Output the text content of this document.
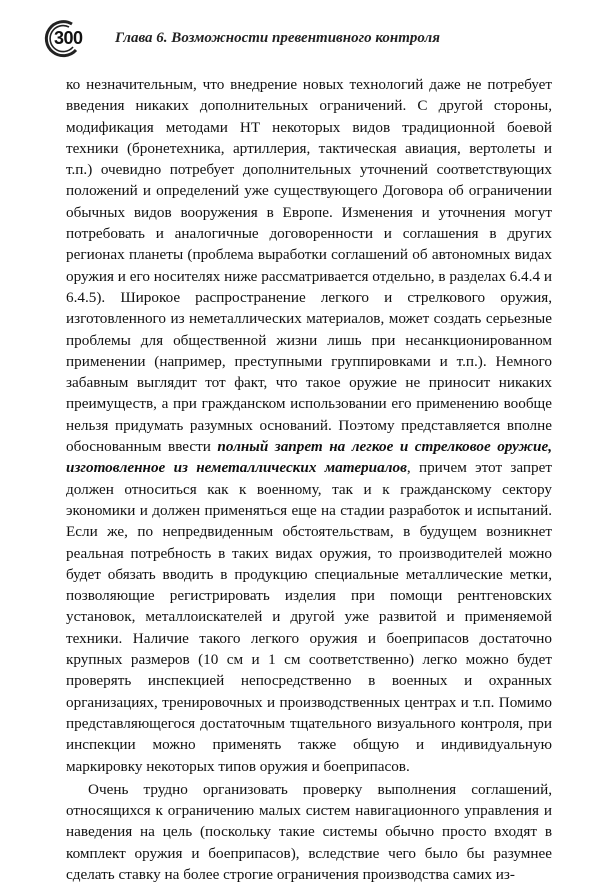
300 Глава 6. Возможности превентивного контроля

ко незначительным, что внедрение новых технологий даже не потребует введения никаких дополнительных ограничений. С другой стороны, модификация методами НТ некоторых видов традиционной боевой техники (бронетехника, артиллерия, тактическая авиация, вертолеты и т.п.) очевидно потребует дополнительных уточнений соответствующих положений и определений уже существующего Договора об ограничении обычных видов вооружения в Европе. Изменения и уточнения могут потребовать и аналогичные договоренности и соглашения в других регионах планеты (проблема выработки соглашений об автономных видах оружия и его носителях ниже рассматривается отдельно, в разделах 6.4.4 и 6.4.5). Широкое распространение легкого и стрелкового оружия, изготовленного из неметаллических материалов, может создать серьезные проблемы для общественной жизни лишь при несанкционированном применении (например, преступными группировками и т.п.). Немного забавным выглядит тот факт, что такое оружие не приносит никаких преимуществ, а при гражданском использовании его применению вообще нельзя придумать разумных оснований. Поэтому представляется вполне обоснованным ввести полный запрет на легкое и стрелковое оружие, изготовленное из неметаллических материалов, причем этот запрет должен относиться как к военному, так и к гражданскому сектору экономики и должен применяться еще на стадии разработок и испытаний. Если же, по непредвиденным обстоятельствам, в будущем возникнет реальная потребность в таких видах оружия, то производителей можно будет обязать вводить в продукцию специальные металлические метки, позволяющие регистрировать изделия при помощи рентгеновских установок, металлоискателей и другой уже развитой и применяемой техники. Наличие такого легкого оружия и боеприпасов достаточно крупных размеров (10 см и 1 см соответственно) легко можно будет проверять инспекцией непосредственно в военных и охранных организациях, тренировочных и производственных центрах и т.п. Помимо представляющегося достаточным тщательного визуального контроля, при инспекции можно применять также общую и индивидуальную маркировку некоторых типов оружия и боеприпасов.

Очень трудно организовать проверку выполнения соглашений, относящихся к ограничению малых систем навигационного управления и наведения на цель (поскольку такие системы обычно просто входят в комплект оружия и боеприпасов), вследствие чего было бы разумнее сделать ставку на более строгие ограничения производства самих из-
